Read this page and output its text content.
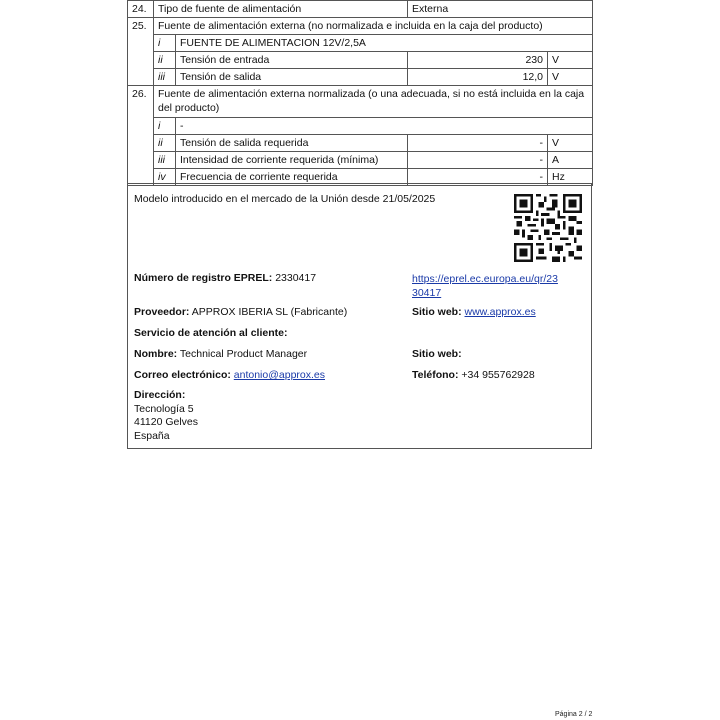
24.	Tipo de fuente de alimentación		Externa	
25.	Fuente de alimentación externa (no normalizada e incluida en la caja del producto)			
	i	FUENTE DE ALIMENTACION 12V/2,5A		
	ii	Tensión de entrada	230	V
	iii	Tensión de salida	12,0	V
26.	Fuente de alimentación externa normalizada (o una adecuada, si no está incluida en la caja del producto)			
	i	-		
	ii	Tensión de salida requerida	-	V
	iii	Intensidad de corriente requerida (mínima)	-	A
	iv	Frecuencia de corriente requerida	-	Hz
Modelo introducido en el mercado de la Unión desde 21/05/2025
Número de registro EPREL: 2330417	https://eprel.ec.europa.eu/qr/23
30417
Proveedor: APPROX IBERIA SL (Fabricante)	Sitio web: www.approx.es
Servicio de atención al cliente:
Nombre: Technical Product Manager	Sitio web:
Correo electrónico: antonio@approx.es	Teléfono: +34 955762928
Dirección:
Tecnología 5
41120 Gelves
España
Página 2 / 2
